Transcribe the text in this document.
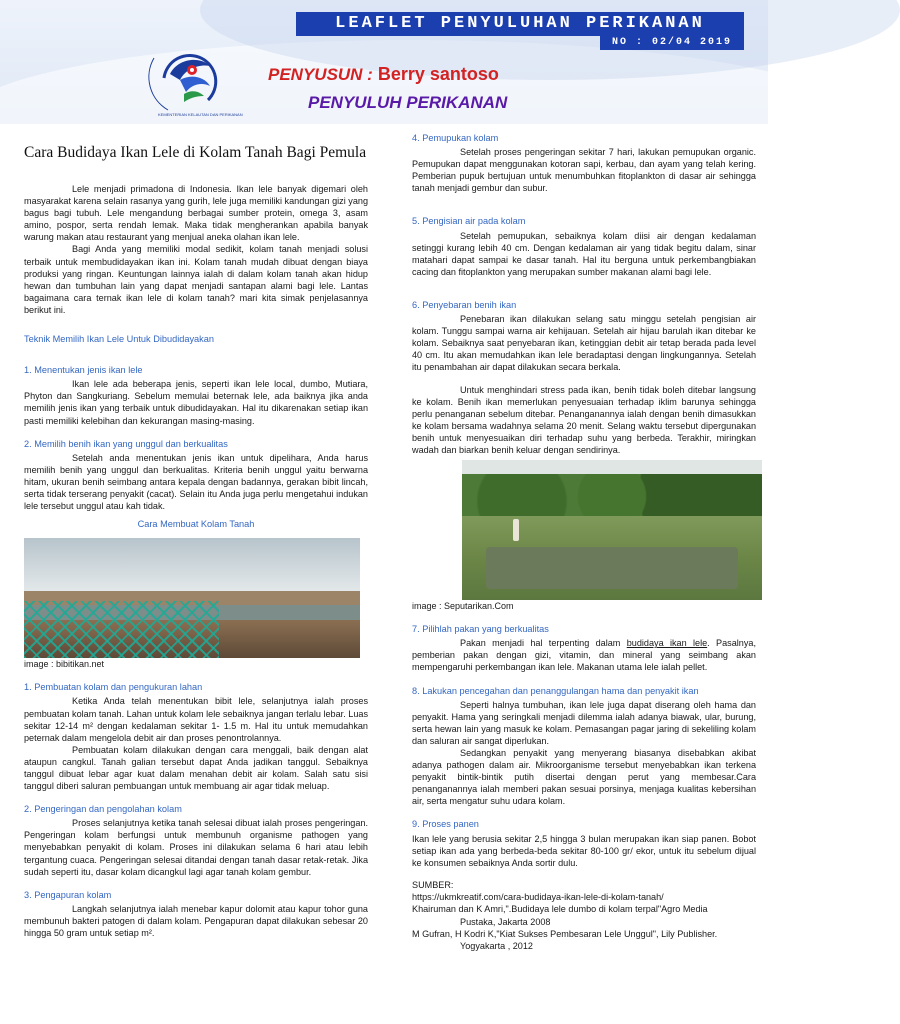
LEAFLET PENYULUHAN PERIKANAN
NO : 02/04 2019
KEMENTERIAN KELAUTAN DAN PERIKANAN
PENYUSUN : Berry santoso
PENYULUH PERIKANAN
Cara Budidaya Ikan Lele di Kolam Tanah Bagi Pemula

Lele menjadi primadona di Indonesia. Ikan lele banyak digemari oleh masyarakat karena selain rasanya yang gurih, lele juga memiliki kandungan gizi yang bagus bagi tubuh. Lele mengandung berbagai sumber protein, omega 3, asam amino, pospor, serta rendah lemak. Maka tidak mengherankan apabila banyak warung makan atau restaurant yang menjual aneka olahan ikan lele.

Bagi Anda yang memiliki modal sedikit, kolam tanah menjadi solusi terbaik untuk membudidayakan ikan ini. Kolam tanah mudah dibuat dengan biaya produksi yang ringan. Keuntungan lainnya ialah di dalam kolam tanah akan hidup hewan dan tumbuhan lain yang dapat menjadi santapan alami bagi lele. Lantas bagaimana cara ternak ikan lele di kolam tanah? mari kita simak penjelasannya berikut ini.

Teknik Memilih Ikan Lele Untuk Dibudidayakan
1. Menentukan jenis ikan lele

Ikan lele ada beberapa jenis, seperti ikan lele local, dumbo, Mutiara, Phyton dan Sangkuriang. Sebelum memulai beternak lele, ada baiknya jika anda memilih jenis ikan yang terbaik untuk dibudidayakan. Hal itu dikarenakan setiap ikan pasti memiliki kelebihan dan kekurangan masing-masing.

2. Memilih benih ikan yang unggul dan berkualitas

Setelah anda menentukan jenis ikan untuk dipelihara, Anda harus memilih benih yang unggul dan berkualitas. Kriteria benih unggul yaitu berwarna hitam, ukuran benih seimbang antara kepala dengan badannya, gerakan bibit lincah, serta tidak terserang penyakit (cacat). Selain itu Anda juga perlu mengetahui indukan lele tersebut unggul atau kah tidak.

Cara Membuat Kolam Tanah
image : bibitikan.net
1. Pembuatan kolam dan pengukuran lahan

Ketika Anda telah menentukan bibit lele, selanjutnya ialah proses pembuatan kolam tanah. Lahan untuk kolam lele sebaiknya jangan terlalu lebar. Luas sekitar 12-14 m² dengan kedalaman sekitar 1- 1.5 m. Hal itu untuk memudahkan peternak dalam mengelola debit air dan proses penontrolannya.

Pembuatan kolam dilakukan dengan cara menggali, baik dengan alat ataupun cangkul. Tanah galian tersebut dapat Anda jadikan tanggul. Sebaiknya tanggul dibuat lebar agar kuat dalam menahan debit air kolam. Salah satu sisi tanggul diberi saluran pembuangan untuk membuang air agar tidak meluap.

2. Pengeringan dan pengolahan kolam

Proses selanjutnya ketika tanah selesai dibuat ialah proses pengeringan. Pengeringan kolam berfungsi untuk membunuh organisme pathogen yang menyebabkan penyakit di kolam. Proses ini dilakukan selama 6 hari atau lebih tergantung cuaca. Pengeringan selesai ditandai dengan tanah dasar retak-retak. Jika sudah seperti itu, dasar kolam dicangkul lagi agar tanah kolam gembur.

3. Pengapuran kolam

Langkah selanjutnya ialah menebar kapur dolomit atau kapur tohor guna membunuh bakteri patogen di dalam kolam. Pengapuran dapat dilakukan sebesar 20 hingga 50 gram untuk setiap m².

4. Pemupukan kolam

Setelah proses pengeringan sekitar 7 hari, lakukan pemupukan organic. Pemupukan dapat menggunakan kotoran sapi, kerbau, dan ayam yang telah kering. Pemberian pupuk bertujuan untuk menumbuhkan fitoplankton di dasar air sehingga tanah menjadi gembur dan subur.

5. Pengisian air pada kolam

Setelah pemupukan, sebaiknya kolam diisi air dengan kedalaman setinggi kurang lebih 40 cm. Dengan kedalaman air yang tidak begitu dalam, sinar matahari dapat sampai ke dasar tanah. Hal itu berguna untuk perkembangbiakan cacing dan fitoplankton yang merupakan sumber makanan alami bagi lele.

6. Penyebaran benih ikan

Penebaran ikan dilakukan selang satu minggu setelah pengisian air kolam. Tunggu sampai warna air kehijauan. Setelah air hijau barulah ikan ditebar ke kolam. Sebaiknya saat penyebaran ikan, ketinggian debit air tetap berada pada level 40 cm. Itu akan memudahkan ikan lele beradaptasi dengan lingkungannya. Setelah itu penambahan air dapat dilakukan secara berkala.

Untuk menghindari stress pada ikan, benih tidak boleh ditebar langsung ke kolam. Benih ikan memerlukan penyesuaian terhadap iklim barunya sehingga perlu penanganan sebelum ditebar. Penanganannya ialah dengan benih dimasukkan ke kolam bersama wadahnya selama 20 menit. Selang waktu tersebut dipergunakan benih untuk menyesuaikan diri terhadap suhu yang berbeda. Terakhir, miringkan wadah dan biarkan benih keluar dengan sendirinya.

image : Seputarikan.Com
7. Pilihlah pakan yang berkualitas

Pakan menjadi hal terpenting dalam budidaya ikan lele. Pasalnya, pemberian pakan dengan gizi, vitamin, dan mineral yang seimbang akan mempengaruhi perkembangan ikan lele. Makanan utama lele ialah pellet.

8. Lakukan pencegahan dan penanggulangan hama dan penyakit ikan

Seperti halnya tumbuhan, ikan lele juga dapat diserang oleh hama dan penyakit. Hama yang seringkali menjadi dilemma ialah adanya biawak, ular, burung, serta hewan lain yang masuk ke kolam. Pemasangan pagar jaring di sekeliling kolam dan saluran air sangat diperlukan.

Sedangkan penyakit yang menyerang biasanya disebabkan akibat adanya pathogen dalam air. Mikroorganisme tersebut menyebabkan ikan terkena penyakit bintik-bintik putih disertai dengan perut yang membesar.Cara penanganannya ialah memberi pakan sesuai porsinya, menjaga kualitas kebersihan air, serta mengatur suhu udara kolam.

9. Proses panen

Ikan lele yang berusia sekitar 2,5 hingga 3 bulan merupakan ikan siap panen. Bobot setiap ikan ada yang berbeda-beda sekitar 80-100 gr/ ekor, untuk itu sebelum dijual ke konsumen sebaiknya Anda sortir dulu.

SUMBER:
https://ukmkreatif.com/cara-budidaya-ikan-lele-di-kolam-tanah/
Khairuman dan K Amri,".Budidaya lele dumbo di kolam terpal"Agro Media
Pustaka, Jakarta 2008
M Gufran, H Kodri K,"Kiat Sukses Pembesaran Lele Unggul", Lily Publisher.
Yogyakarta , 2012
